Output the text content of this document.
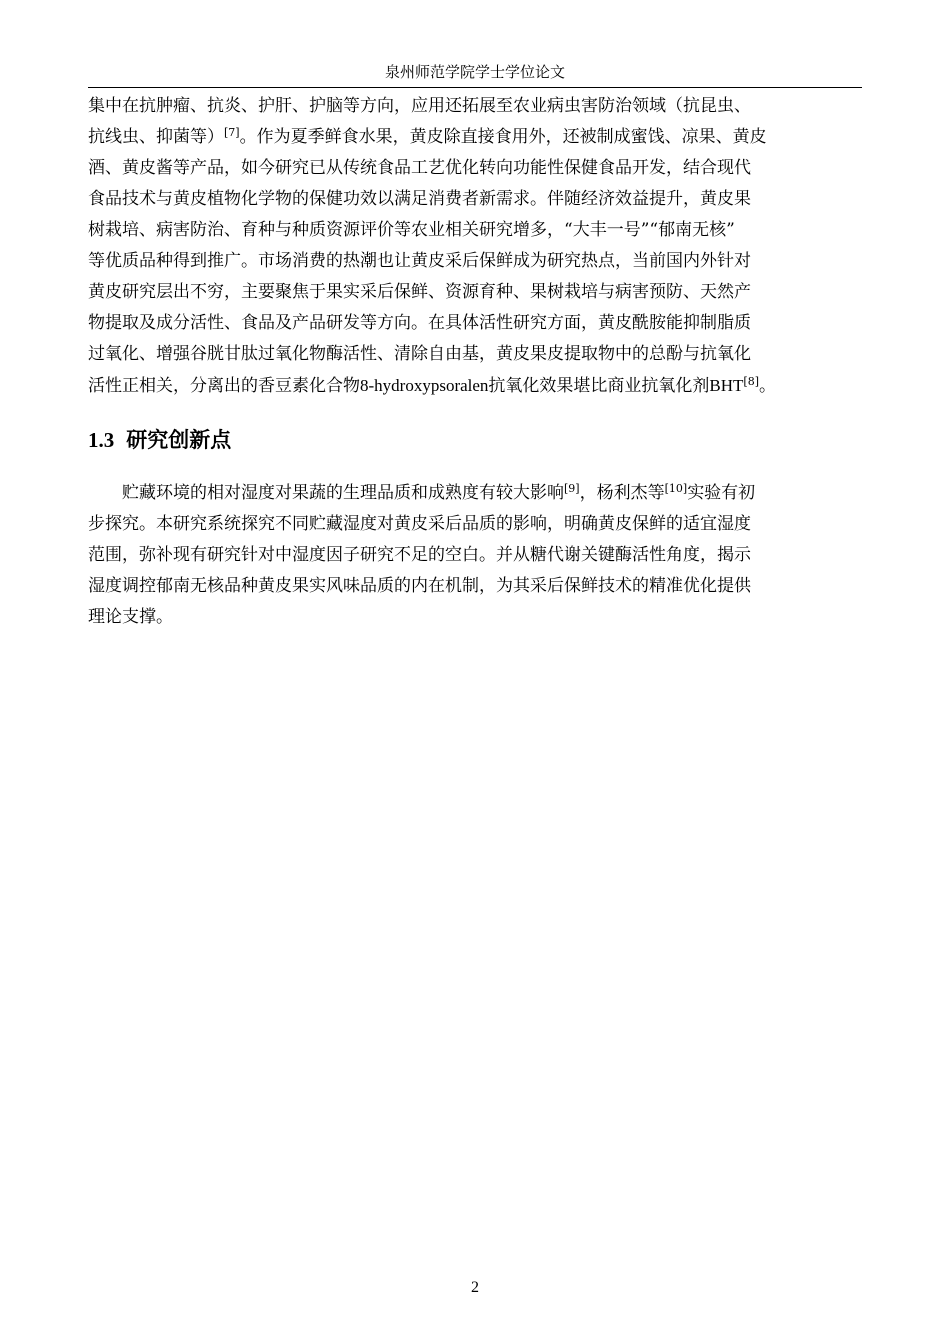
泉州师范学院学士学位论文
集中在抗肿瘤、抗炎、护肝、护脑等方向，应用还拓展至农业病虫害防治领域（抗昆虫、
抗线虫、抑菌等）[7]。作为夏季鲜食水果，黄皮除直接食用外，还被制成蜜饯、凉果、黄皮
酒、黄皮酱等产品，如今研究已从传统食品工艺优化转向功能性保健食品开发，结合现代
食品技术与黄皮植物化学物的保健功效以满足消费者新需求。伴随经济效益提升，黄皮果
树栽培、病害防治、育种与种质资源评价等农业相关研究增多，“大丰一号”“郁南无核”
等优质品种得到推广。市场消费的热潮也让黄皮采后保鲜成为研究热点，当前国内外针对
黄皮研究层出不穷，主要聚焦于果实采后保鲜、资源育种、果树栽培与病害预防、天然产
物提取及成分活性、食品及产品研发等方向。在具体活性研究方面，黄皮酰胺能抑制脂质
过氧化、增强谷胱甘肽过氧化物酶活性、清除自由基，黄皮果皮提取物中的总酚与抗氧化
活性正相关，分离出的香豆素化合物8-hydroxypsoralen抗氧化效果堪比商业抗氧化剂BHT[8]。
1.3 研究创新点
贮藏环境的相对湿度对果蔬的生理品质和成熟度有较大影响[9]，杨利杰等[10]实验有初
步探究。本研究系统探究不同贮藏湿度对黄皮采后品质的影响，明确黄皮保鲜的适宜湿度
范围，弥补现有研究针对中湿度因子研究不足的空白。并从糖代谢关键酶活性角度，揭示
湿度调控郁南无核品种黄皮果实风味品质的内在机制，为其采后保鲜技术的精准优化提供
理论支撑。
2
